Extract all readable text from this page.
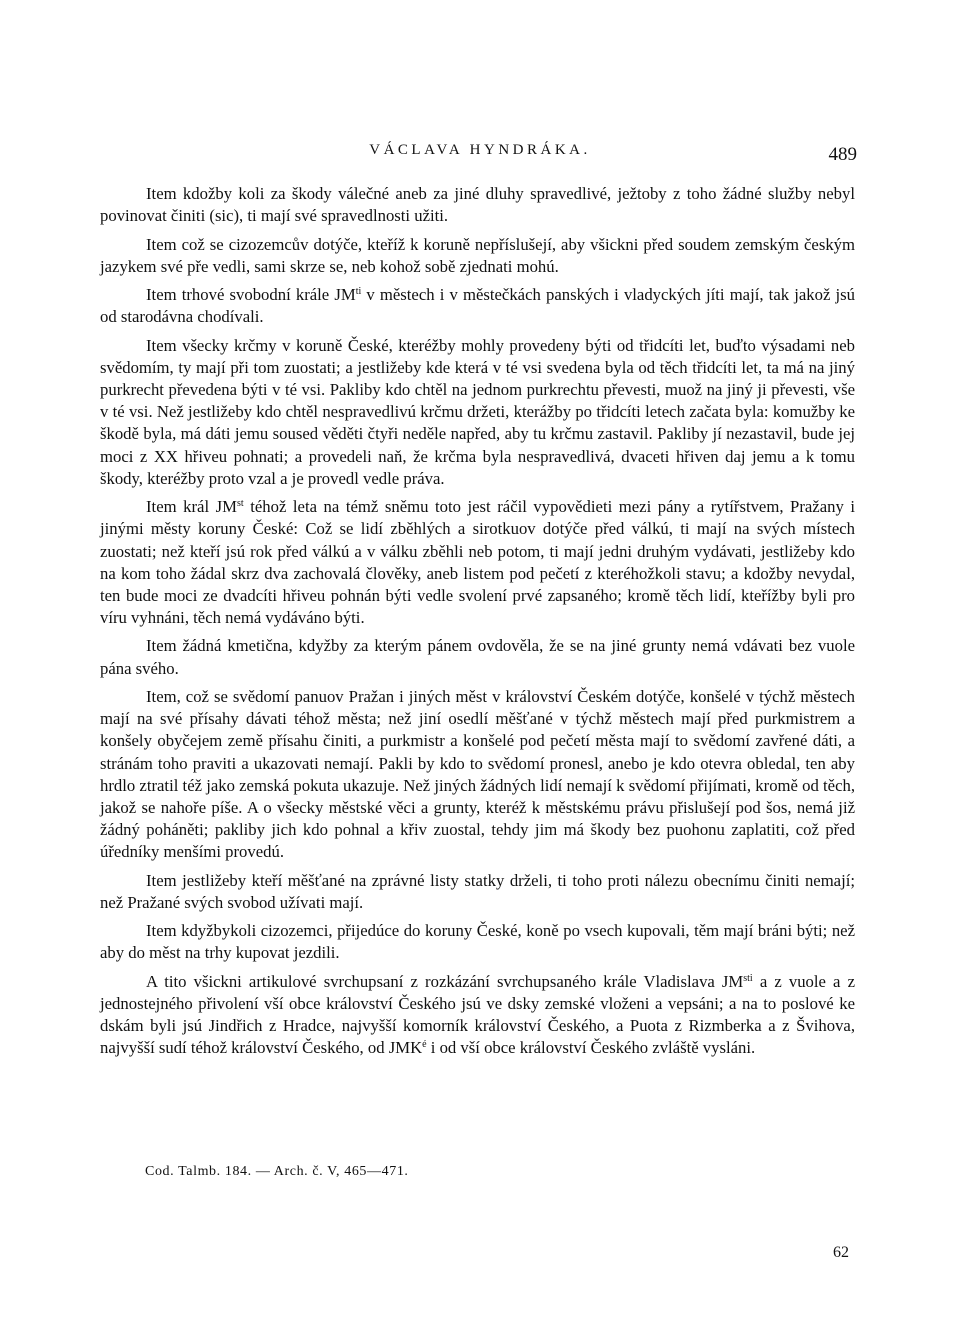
VÁCLAVA HYNDRÁKA.	489

Item kdožby koli za škody válečné aneb za jiné dluhy spravedlivé, ježtoby z toho žádné služby nebyl povinovat činiti (sic), ti mají své spravedlnosti užiti.

Item což se cizozemcův dotýče, kteříž k koruně nepříslušejí, aby všickni před soudem zemským českým jazykem své pře vedli, sami skrze se, neb kohož sobě zjednati mohú.

Item trhové svobodní krále $JM^{ti}$ v městech i v městečkách panských i vladyckých jíti mají, tak jakož jsú od starodávna chodívali.

Item všecky krčmy v koruně České, kteréžby mohly provedeny býti od třidcíti let, buďto výsadami neb svědomím, ty mají při tom zuostati; a jestližeby kde která v té vsi svedena byla od těch třidcíti let, ta má na jiný purkrecht převedena býti v té vsi. Pakliby kdo chtěl na jednom purkrechtu převesti, muož na jiný ji převesti, vše v té vsi. Než jestližeby kdo chtěl nespravedlivú krčmu držeti, kterážby po třidcíti letech začata byla: komužby ke škodě byla, má dáti jemu soused věděti čtyři neděle napřed, aby tu krčmu zastavil. Pakliby jí nezastavil, bude jej moci z XX hřiveu pohnati; a provedeli naň, že krčma byla nespravedlivá, dvaceti hřiven daj jemu a k tomu škody, kteréžby proto vzal a je provedl vedle práva.

Item král $JM^{st}$ téhož leta na témž sněmu toto jest ráčil vypovědieti mezi pány a rytířstvem, Pražany i jinými městy koruny České: Což se lidí zběhlých a sirotkuov dotýče před válkú, ti mají na svých místech zuostati; než kteří jsú rok před válkú a v válku zběhli neb potom, ti mají jedni druhým vydávati, jestližeby kdo na kom toho žádal skrz dva zachovalá člověky, aneb listem pod pečetí z kteréhožkoli stavu; a kdožby nevydal, ten bude moci ze dvadcíti hřiveu pohnán býti vedle svolení prvé zapsaného; kromě těch lidí, kteřížby byli pro víru vyhnáni, těch nemá vydáváno býti.

Item žádná kmetična, kdyžby za kterým pánem ovdověla, že se na jiné grunty nemá vdávati bez vuole pána svého.

Item, což se svědomí panuov Pražan i jiných měst v království Českém dotýče, konšelé v týchž městech mají na své přísahy dávati téhož města; než jiní osedlí měšťané v týchž městech mají před purkmistrem a konšely obyčejem země přísahu činiti, a purkmistr a konšelé pod pečetí města mají to svědomí zavřené dáti, a stránám toho praviti a ukazovati nemají. Pakli by kdo to svědomí pronesl, anebo je kdo otevra obledal, ten aby hrdlo ztratil též jako zemská pokuta ukazuje. Než jiných žádných lidí nemají k svědomí přijímati, kromě od těch, jakož se nahoře píše. A o všecky městské věci a grunty, kteréž k městskému právu přislušejí pod šos, nemá již žádný poháněti; pakliby jich kdo pohnal a křiv zuostal, tehdy jim má škody bez puohonu zaplatiti, což před úředníky menšími provedú.

Item jestližeby kteří měšťané na zprávné listy statky drželi, ti toho proti nálezu obecnímu činiti nemají; než Pražané svých svobod užívati mají.

Item kdyžbykoli cizozemci, přijedúce do koruny České, koně po vsech kupovali, těm mají bráni býti; než aby do měst na trhy kupovat jezdili.

A tito všickni artikulové svrchupsaní z rozkázání svrchupsaného krále Vladislava $JM^{sti}$ a z vuole a z jednostejného přivolení vší obce království Českého jsú ve dsky zemské vloženi a vepsáni; a na to poslové ke dskám byli jsú Jindřich z Hradce, najvyšší komorník království Českého, a Puota z Rizmberka a z Švihova, najvyšší sudí téhož království Českého, od $JMK^é$ i od vší obce království Českého zvláště vysláni.

Cod. Talmb. 184. — Arch. č. V, 465—471.
62
